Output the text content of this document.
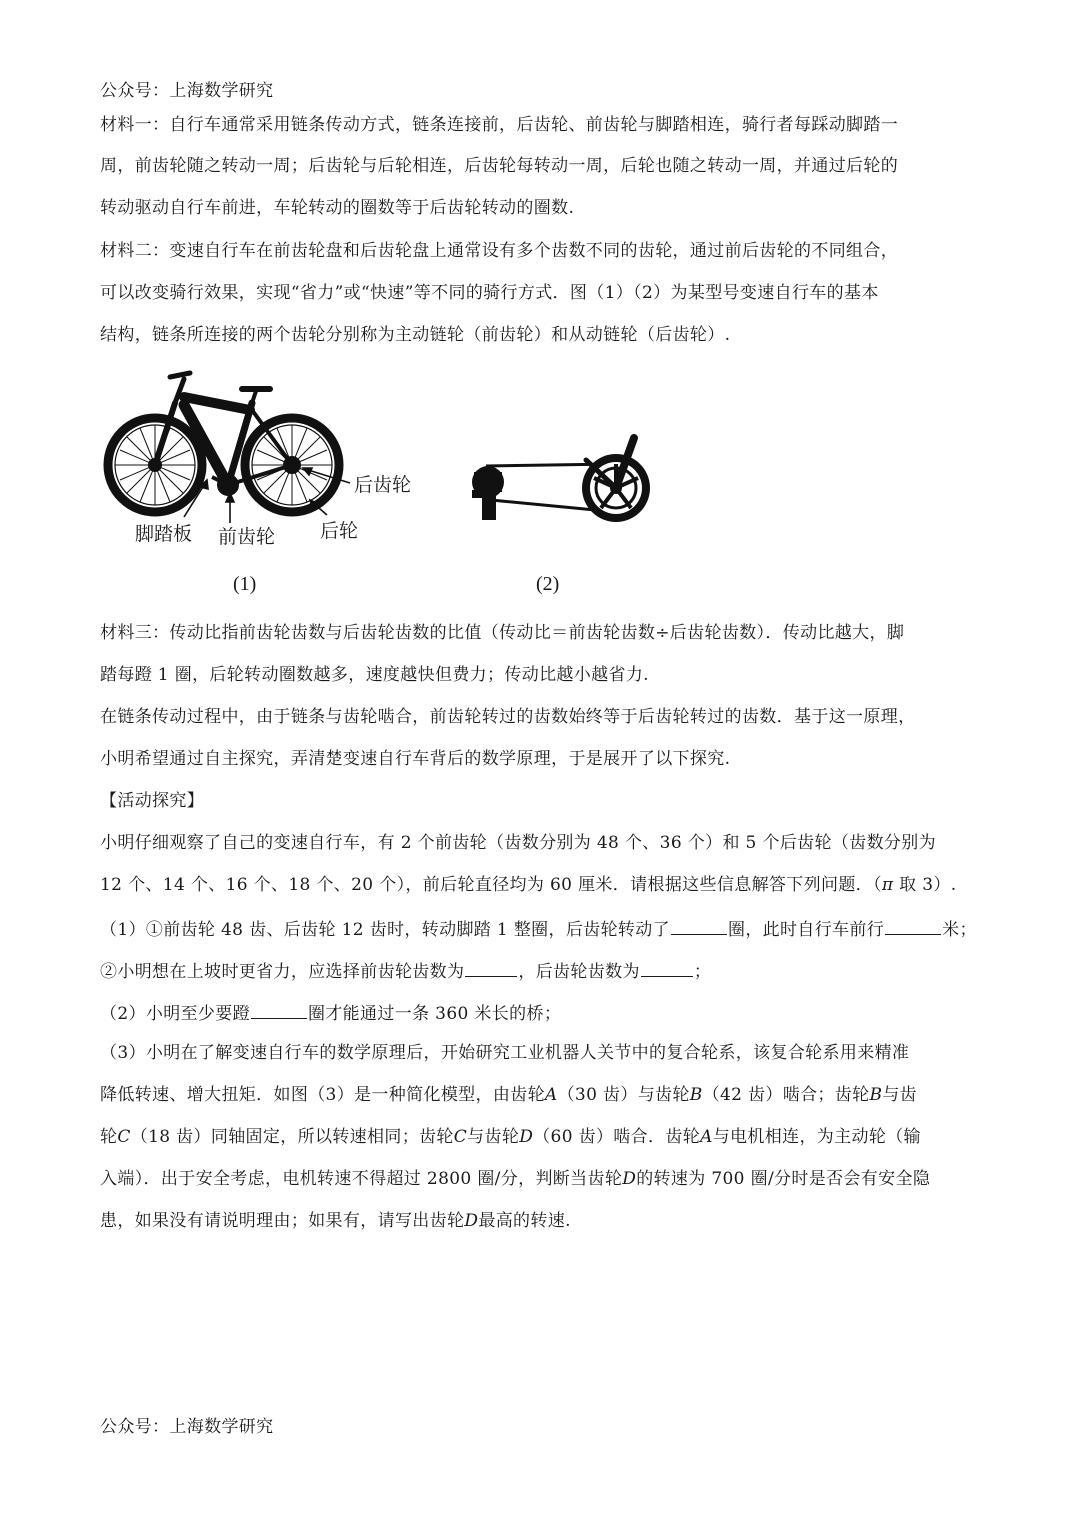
公众号：上海数学研究
材料一：自行车通常采用链条传动方式，链条连接前，后齿轮、前齿轮与脚踏相连，骑行者每踩动脚踏一
周，前齿轮随之转动一周；后齿轮与后轮相连，后齿轮每转动一周，后轮也随之转动一周，并通过后轮的
转动驱动自行车前进，车轮转动的圈数等于后齿轮转动的圈数.
材料二：变速自行车在前齿轮盘和后齿轮盘上通常设有多个齿数不同的齿轮，通过前后齿轮的不同组合，
可以改变骑行效果，实现“省力”或“快速”等不同的骑行方式．图（1）（2）为某型号变速自行车的基本
结构，链条所连接的两个齿轮分别称为主动链轮（前齿轮）和从动链轮（后齿轮）.
后齿轮
脚踏板 前齿轮 后轮
(1)	(2)
材料三：传动比指前齿轮齿数与后齿轮齿数的比值（传动比＝前齿轮齿数÷后齿轮齿数）．传动比越大，脚
踏每蹬 1 圈，后轮转动圈数越多，速度越快但费力；传动比越小越省力.
在链条传动过程中，由于链条与齿轮啮合，前齿轮转过的齿数始终等于后齿轮转过的齿数．基于这一原理，
小明希望通过自主探究，弄清楚变速自行车背后的数学原理，于是展开了以下探究.
【活动探究】
小明仔细观察了自己的变速自行车，有 2 个前齿轮（齿数分别为 48 个、36 个）和 5 个后齿轮（齿数分别为
12 个、14 个、16 个、18 个、20 个），前后轮直径均为 60 厘米．请根据这些信息解答下列问题．（π 取 3）.
（1）①前齿轮 48 齿、后齿轮 12 齿时，转动脚踏 1 整圈，后齿轮转动了	圈，此时自行车前行	米；
②小明想在上坡时更省力，应选择前齿轮齿数为	，后齿轮齿数为	；
（2）小明至少要蹬	圈才能通过一条 360 米长的桥；
（3）小明在了解变速自行车的数学原理后，开始研究工业机器人关节中的复合轮系，该复合轮系用来精准
降低转速、增大扭矩．如图（3）是一种简化模型，由齿轮A（30 齿）与齿轮B（42 齿）啮合；齿轮B与齿
轮C（18 齿）同轴固定，所以转速相同；齿轮C与齿轮D（60 齿）啮合．齿轮A与电机相连，为主动轮（输
入端）．出于安全考虑，电机转速不得超过 2800 圈/分，判断当齿轮D的转速为 700 圈/分时是否会有安全隐
患，如果没有请说明理由；如果有，请写出齿轮D最高的转速.
公众号：上海数学研究
